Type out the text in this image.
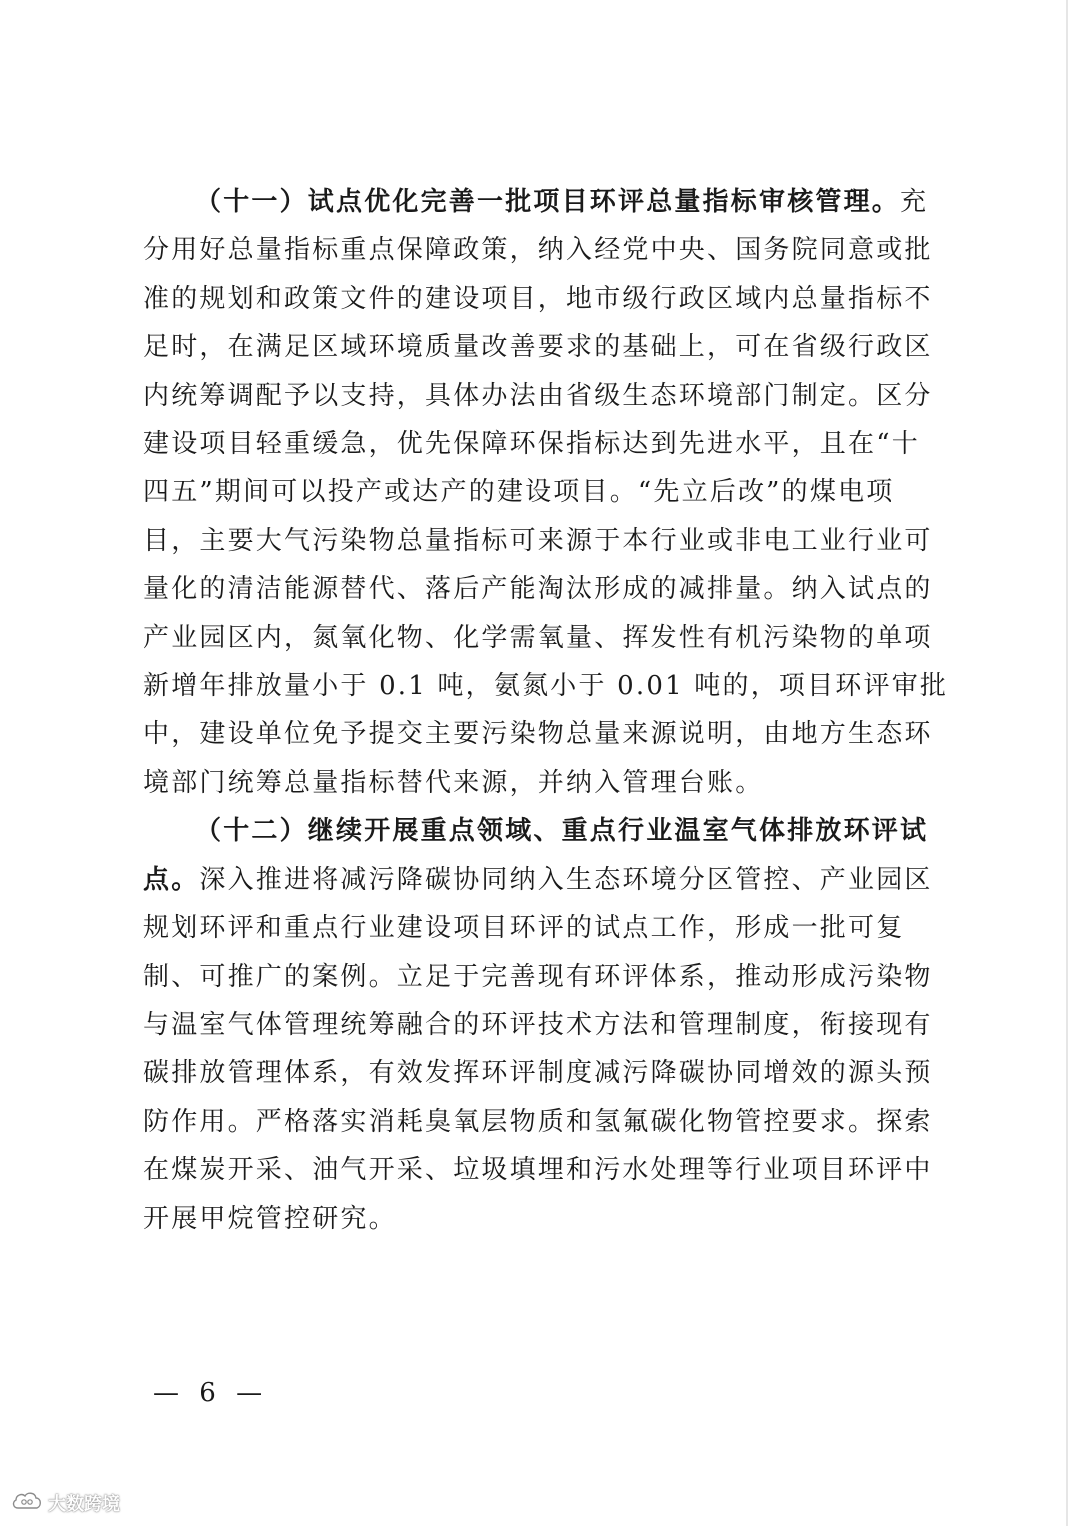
（十一）试点优化完善一批项目环评总量指标审核管理。充

分用好总量指标重点保障政策，纳入经党中央、国务院同意或批

准的规划和政策文件的建设项目，地市级行政区域内总量指标不

足时，在满足区域环境质量改善要求的基础上，可在省级行政区

内统筹调配予以支持，具体办法由省级生态环境部门制定。区分

建设项目轻重缓急，优先保障环保指标达到先进水平，且在“十

四五”期间可以投产或达产的建设项目。“先立后改”的煤电项

目，主要大气污染物总量指标可来源于本行业或非电工业行业可

量化的清洁能源替代、落后产能淘汰形成的减排量。纳入试点的

产业园区内，氮氧化物、化学需氧量、挥发性有机污染物的单项

新增年排放量小于 0.1 吨，氨氮小于 0.01 吨的，项目环评审批

中，建设单位免予提交主要污染物总量来源说明，由地方生态环

境部门统筹总量指标替代来源，并纳入管理台账。

（十二）继续开展重点领域、重点行业温室气体排放环评试

点。深入推进将减污降碳协同纳入生态环境分区管控、产业园区

规划环评和重点行业建设项目环评的试点工作，形成一批可复

制、可推广的案例。立足于完善现有环评体系，推动形成污染物

与温室气体管理统筹融合的环评技术方法和管理制度，衔接现有

碳排放管理体系，有效发挥环评制度减污降碳协同增效的源头预

防作用。严格落实消耗臭氧层物质和氢氟碳化物管控要求。探索

在煤炭开采、油气开采、垃圾填埋和污水处理等行业项目环评中

开展甲烷管控研究。

— 6 —
大数跨境
